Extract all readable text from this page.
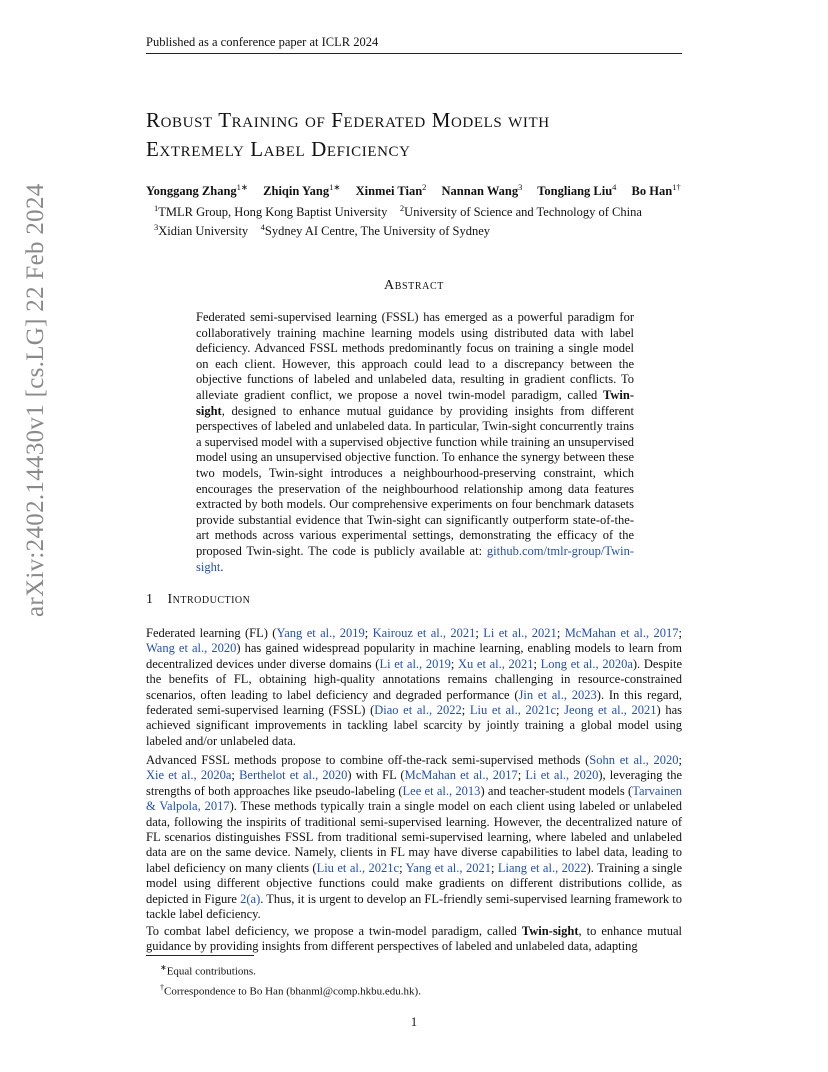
Published as a conference paper at ICLR 2024
arXiv:2402.14430v1 [cs.LG] 22 Feb 2024
Robust Training of Federated Models with
Extremely Label Deficiency
Yonggang Zhang$^{1∗}$ Zhiqin Yang$^{1∗}$ Xinmei Tian$^2$ Nannan Wang$^3$ Tongliang Liu$^4$ Bo Han$^{1\dagger}$
$^1$TMLR Group, Hong Kong Baptist University $^2$University of Science and Technology of China
$^3$Xidian University $^4$Sydney AI Centre, The University of Sydney
Abstract

Federated semi-supervised learning (FSSL) has emerged as a powerful paradigm for collaboratively training machine learning models using distributed data with label deficiency. Advanced FSSL methods predominantly focus on training a single model on each client. However, this approach could lead to a discrepancy between the objective functions of labeled and unlabeled data, resulting in gradient conflicts. To alleviate gradient conflict, we propose a novel twin-model paradigm, called Twin-sight, designed to enhance mutual guidance by providing insights from different perspectives of labeled and unlabeled data. In particular, Twin-sight concurrently trains a supervised model with a supervised objective function while training an unsupervised model using an unsupervised objective function. To enhance the synergy between these two models, Twin-sight introduces a neighbourhood-preserving constraint, which encourages the preservation of the neighbourhood relationship among data features extracted by both models. Our comprehensive experiments on four benchmark datasets provide substantial evidence that Twin-sight can significantly outperform state-of-the-art methods across various experimental settings, demonstrating the efficacy of the proposed Twin-sight. The code is publicly available at: github.com/tmlr-group/Twin-sight.

1 Introduction

Federated learning (FL) (Yang et al., 2019; Kairouz et al., 2021; Li et al., 2021; McMahan et al., 2017; Wang et al., 2020) has gained widespread popularity in machine learning, enabling models to learn from decentralized devices under diverse domains (Li et al., 2019; Xu et al., 2021; Long et al., 2020a). Despite the benefits of FL, obtaining high-quality annotations remains challenging in resource-constrained scenarios, often leading to label deficiency and degraded performance (Jin et al., 2023). In this regard, federated semi-supervised learning (FSSL) (Diao et al., 2022; Liu et al., 2021c; Jeong et al., 2021) has achieved significant improvements in tackling label scarcity by jointly training a global model using labeled and/or unlabeled data.

Advanced FSSL methods propose to combine off-the-rack semi-supervised methods (Sohn et al., 2020; Xie et al., 2020a; Berthelot et al., 2020) with FL (McMahan et al., 2017; Li et al., 2020), leveraging the strengths of both approaches like pseudo-labeling (Lee et al., 2013) and teacher-student models (Tarvainen & Valpola, 2017). These methods typically train a single model on each client using labeled or unlabeled data, following the inspirits of traditional semi-supervised learning. However, the decentralized nature of FL scenarios distinguishes FSSL from traditional semi-supervised learning, where labeled and unlabeled data are on the same device. Namely, clients in FL may have diverse capabilities to label data, leading to label deficiency on many clients (Liu et al., 2021c; Yang et al., 2021; Liang et al., 2022). Training a single model using different objective functions could make gradients on different distributions collide, as depicted in Figure 2(a). Thus, it is urgent to develop an FL-friendly semi-supervised learning framework to tackle label deficiency.

To combat label deficiency, we propose a twin-model paradigm, called Twin-sight, to enhance mutual guidance by providing insights from different perspectives of labeled and unlabeled data, adapting

∗Equal contributions.
†Correspondence to Bo Han (bhanml@comp.hkbu.edu.hk).
1
